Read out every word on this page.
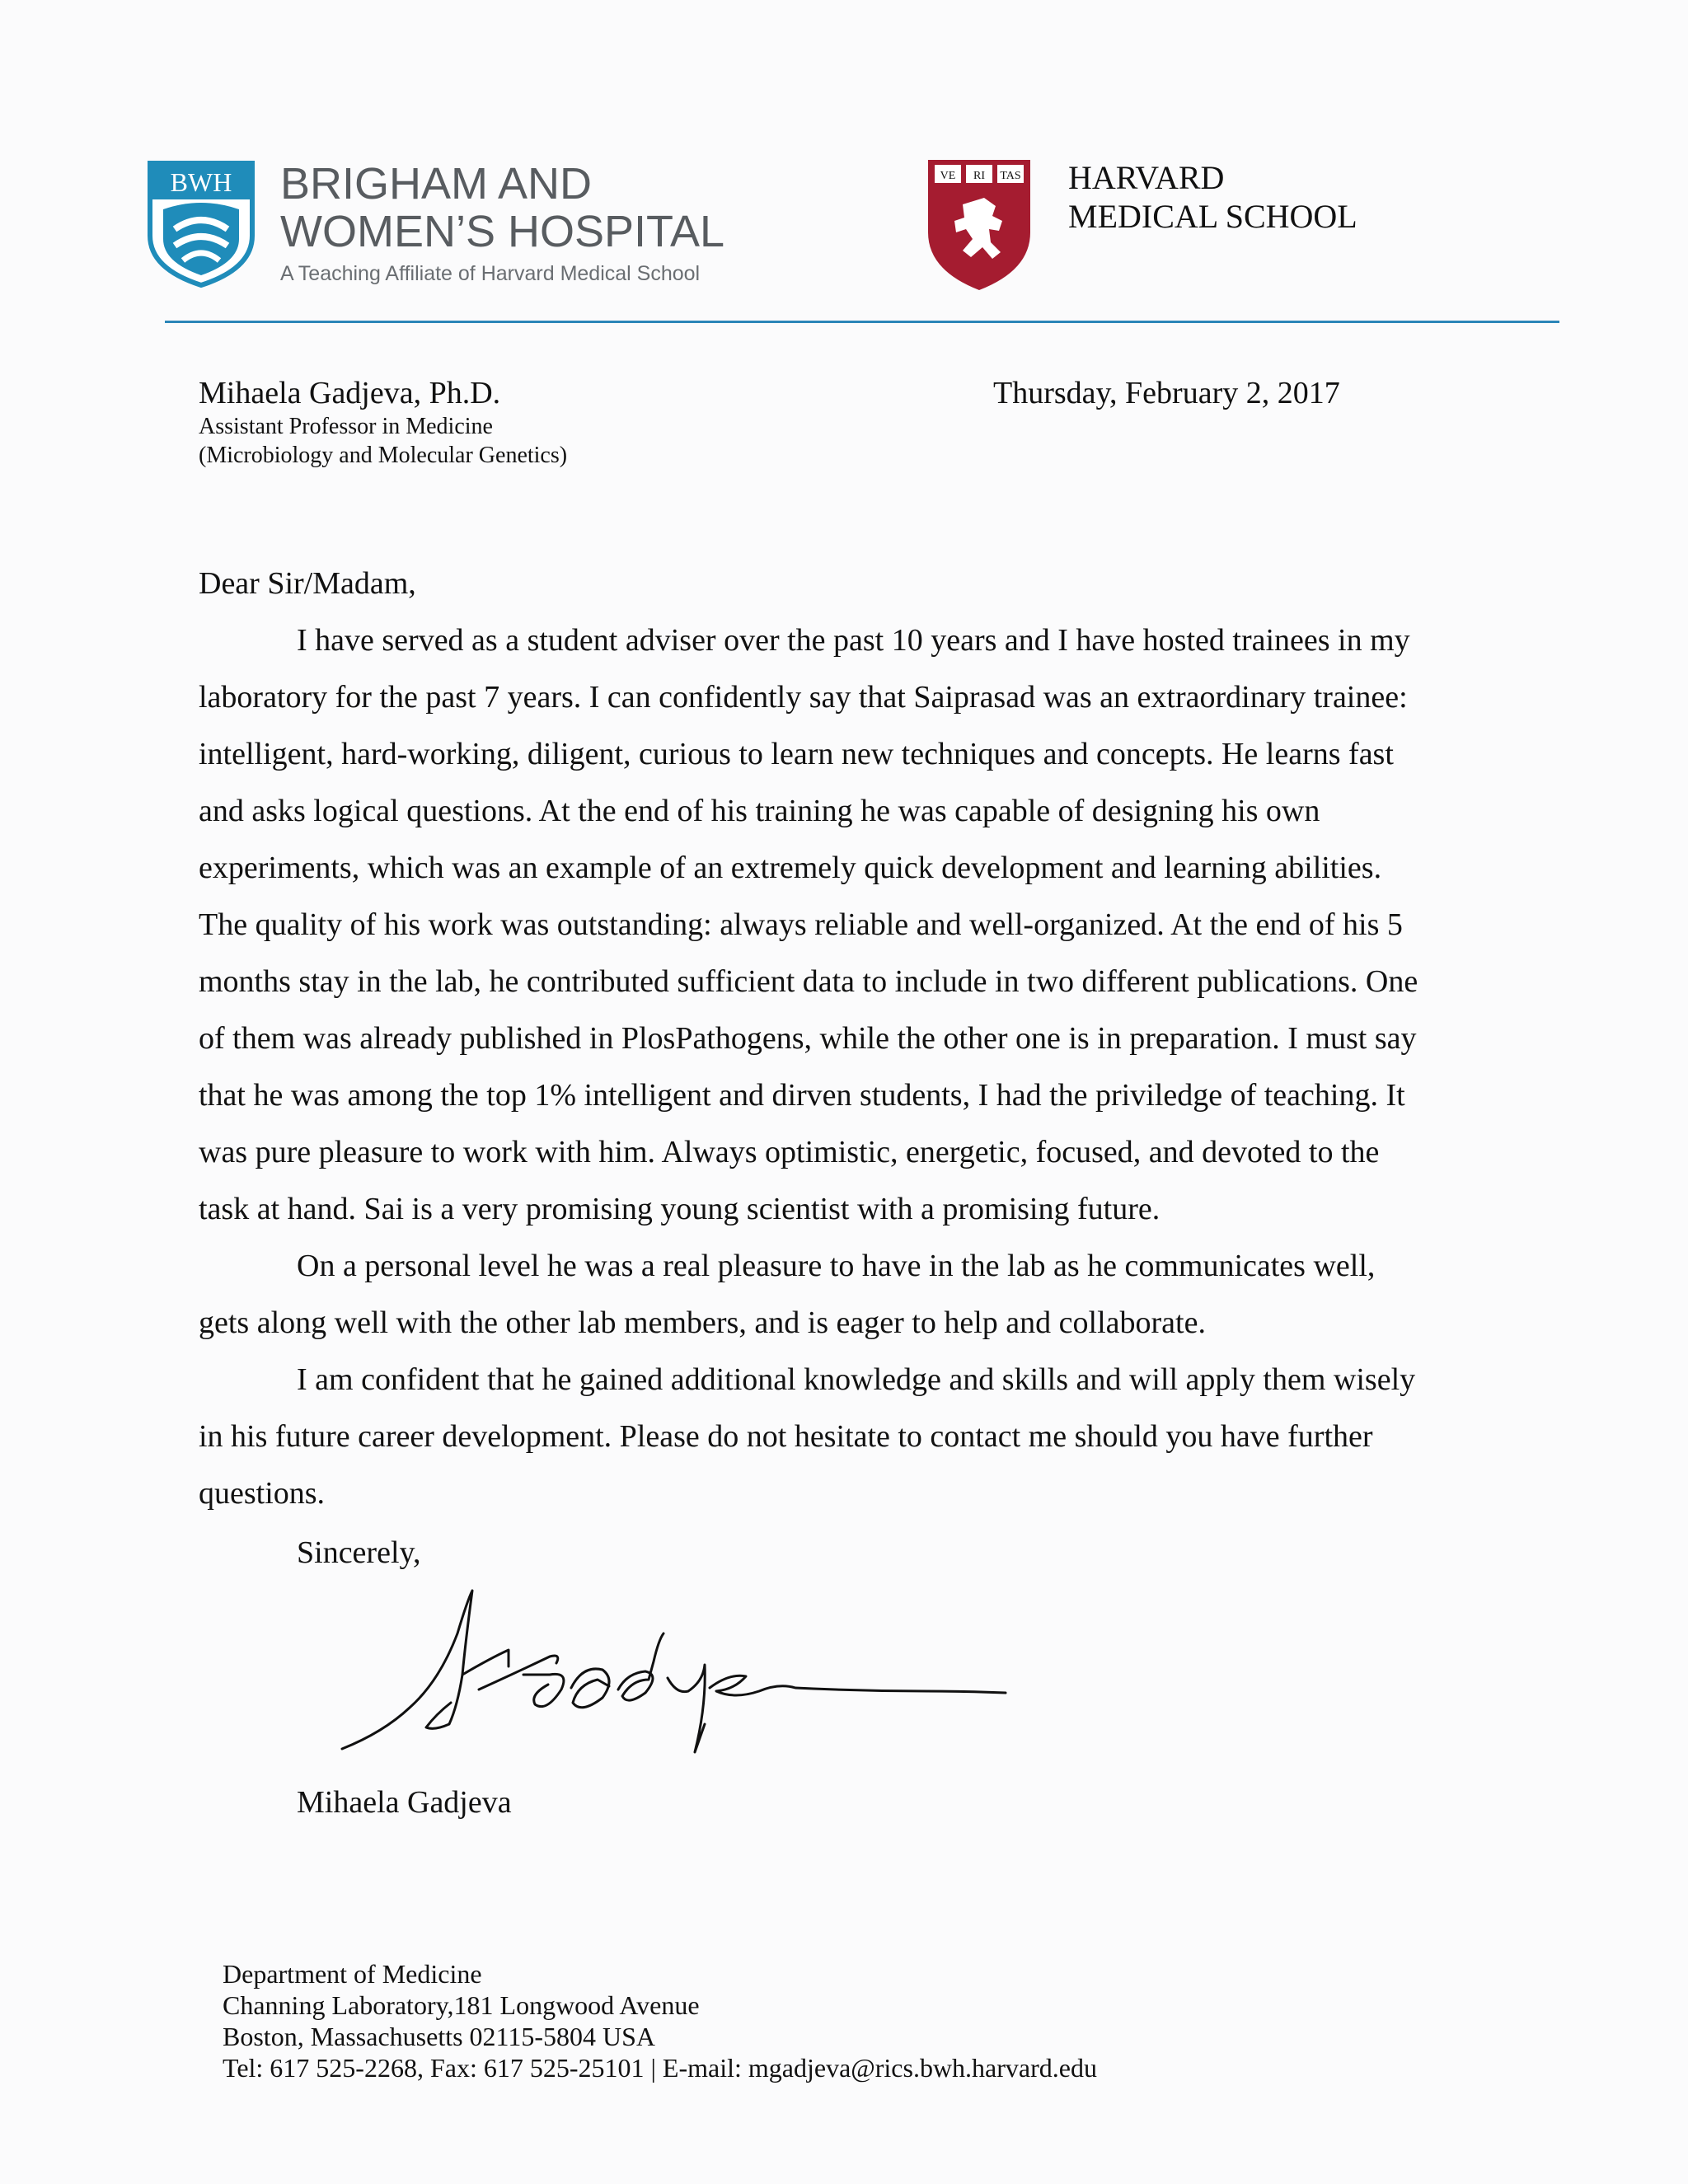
BWH BRIGHAM AND
WOMEN’S HOSPITAL
A Teaching Affiliate of Harvard Medical School
VE RI TAS HARVARD
MEDICAL SCHOOL
Mihaela Gadjeva, Ph.D.
Assistant Professor in Medicine
(Microbiology and Molecular Genetics)
Thursday, February 2, 2017
Dear Sir/Madam,
I have served as a student adviser over the past 10 years and I have hosted trainees in my
laboratory for the past 7 years. I can confidently say that Saiprasad was an extraordinary trainee:
intelligent, hard-working, diligent, curious to learn new techniques and concepts. He learns fast
and asks logical questions. At the end of his training he was capable of designing his own
experiments, which was an example of an extremely quick development and learning abilities.
The quality of his work was outstanding: always reliable and well-organized. At the end of his 5
months stay in the lab, he contributed sufficient data to include in two different publications. One
of them was already published in PlosPathogens, while the other one is in preparation. I must say
that he was among the top 1% intelligent and dirven students, I had the priviledge of teaching. It
was pure pleasure to work with him. Always optimistic, energetic, focused, and devoted to the
task at hand. Sai is a very promising young scientist with a promising future.
On a personal level he was a real pleasure to have in the lab as he communicates well,
gets along well with the other lab members, and is eager to help and collaborate.
I am confident that he gained additional knowledge and skills and will apply them wisely
in his future career development. Please do not hesitate to contact me should you have further
questions.
Sincerely,
Mihaela Gadjeva
Department of Medicine
Channing Laboratory,181 Longwood Avenue
Boston, Massachusetts 02115-5804 USA
Tel: 617 525-2268, Fax: 617 525-25101 | E-mail: mgadjeva@rics.bwh.harvard.edu
